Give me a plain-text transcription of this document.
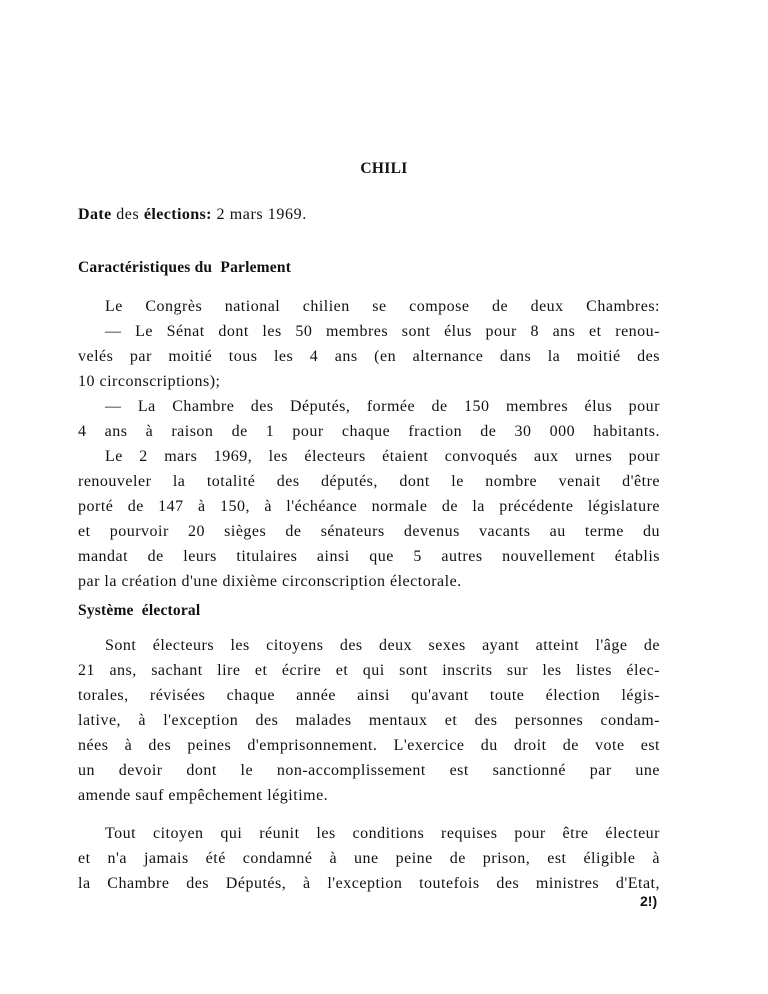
CHILI
Date des élections: 2 mars 1969.
Caractéristiques du  Parlement
Le Congrès national chilien se compose de deux Chambres:
— Le Sénat dont les 50 membres sont élus pour 8 ans et renou-
velés par moitié tous les 4 ans (en alternance dans la moitié des
10 circonscriptions);
— La Chambre des Députés, formée de 150 membres élus pour
4 ans à raison de 1 pour chaque fraction de 30 000 habitants.
Le 2 mars 1969, les électeurs étaient convoqués aux urnes pour
renouveler la totalité des députés, dont le nombre venait d'être
porté de 147 à 150, à l'échéance normale de la précédente législature
et pourvoir 20 sièges de sénateurs devenus vacants au terme du
mandat de leurs titulaires ainsi que 5 autres nouvellement établis
par la création d'une dixième circonscription électorale.
Système  électoral
Sont électeurs les citoyens des deux sexes ayant atteint l'âge de
21 ans, sachant lire et écrire et qui sont inscrits sur les listes élec-
torales, révisées chaque année ainsi qu'avant toute élection légis-
lative, à l'exception des malades mentaux et des personnes condam-
nées à des peines d'emprisonnement. L'exercice du droit de vote est
un devoir dont le non-accomplissement est sanctionné par une
amende sauf empêchement légitime.
Tout citoyen qui réunit les conditions requises pour être électeur
et n'a jamais été condamné à une peine de prison, est éligible à
la Chambre des Députés, à l'exception toutefois des ministres d'Etat,
2!)
